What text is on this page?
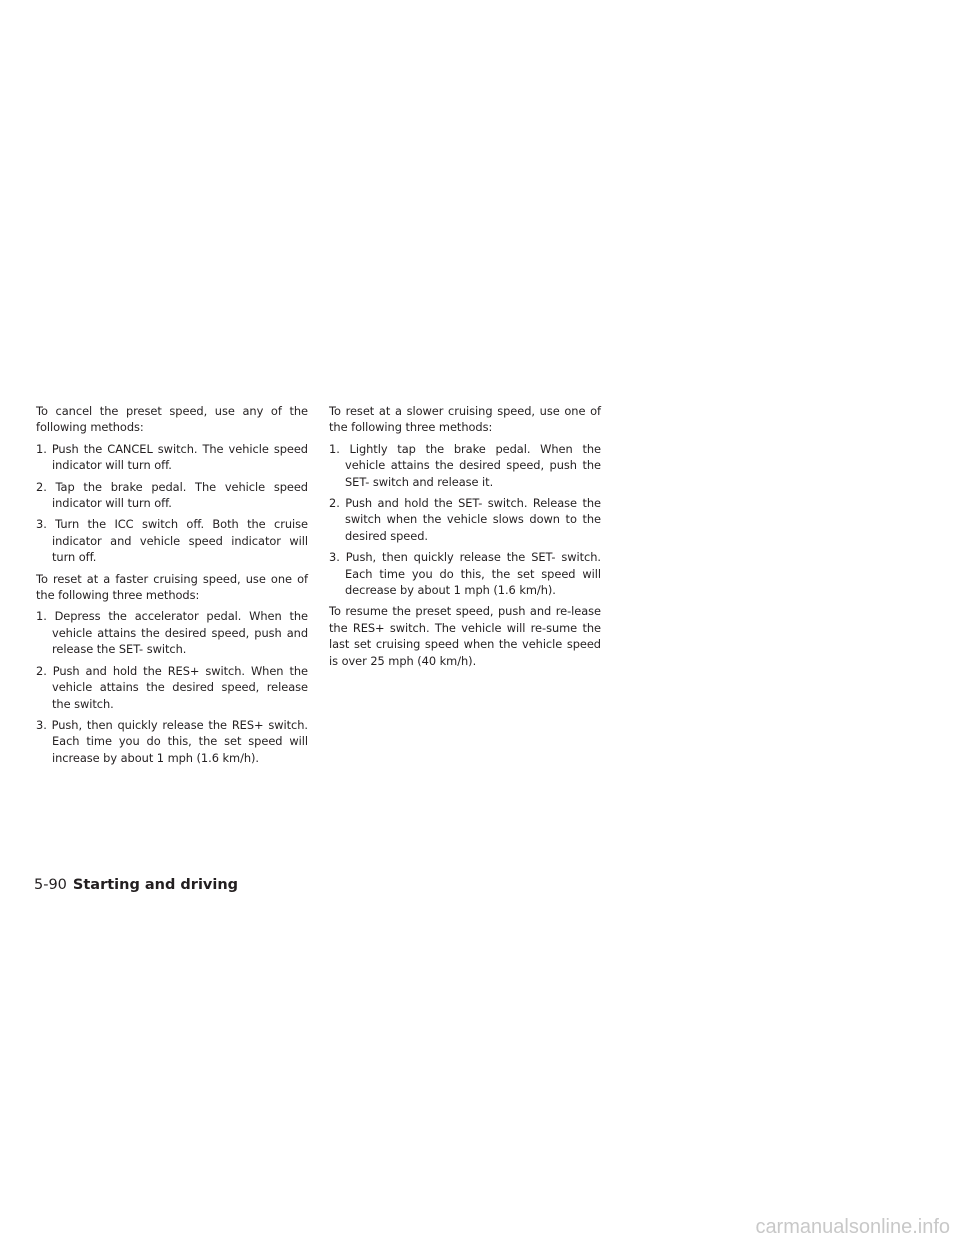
To cancel the preset speed, use any of the following methods:

1. Push the CANCEL switch. The vehicle speed indicator will turn off.
2. Tap the brake pedal. The vehicle speed indicator will turn off.
3. Turn the ICC switch off. Both the cruise indicator and vehicle speed indicator will turn off.

To reset at a faster cruising speed, use one of the following three methods:

1. Depress the accelerator pedal. When the vehicle attains the desired speed, push and release the SET- switch.
2. Push and hold the RES+ switch. When the vehicle attains the desired speed, release the switch.
3. Push, then quickly release the RES+ switch. Each time you do this, the set speed will increase by about 1 mph (1.6 km/h).

To reset at a slower cruising speed, use one of the following three methods:

1. Lightly tap the brake pedal. When the vehicle attains the desired speed, push the SET- switch and release it.
2. Push and hold the SET- switch. Release the switch when the vehicle slows down to the desired speed.
3. Push, then quickly release the SET- switch. Each time you do this, the set speed will decrease by about 1 mph (1.6 km/h).

To resume the preset speed, push and re-lease the RES+ switch. The vehicle will re-sume the last set cruising speed when the vehicle speed is over 25 mph (40 km/h).

5-90 Starting and driving
carmanualsonline.info
